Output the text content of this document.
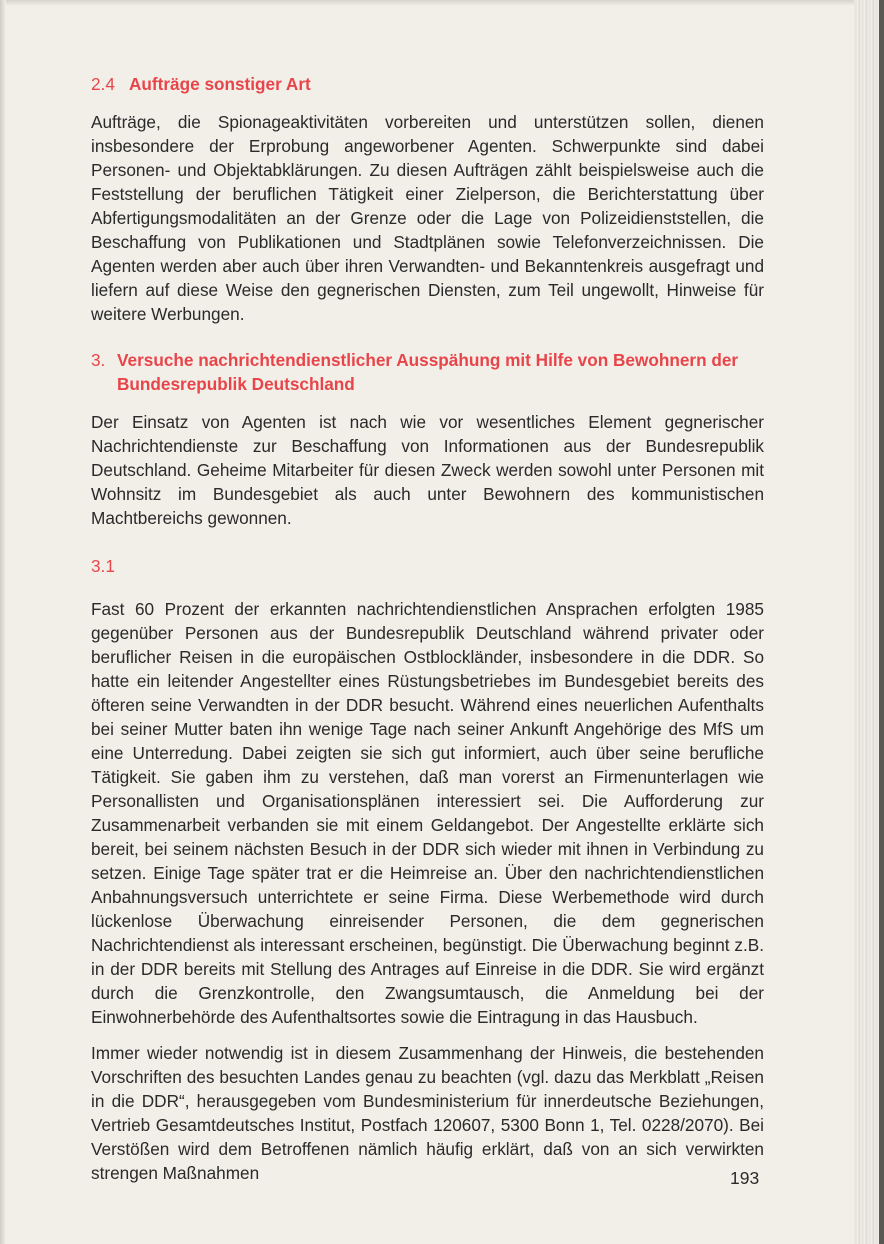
2.4 Aufträge sonstiger Art

Aufträge, die Spionageaktivitäten vorbereiten und unterstützen sollen, dienen insbesondere der Erprobung angeworbener Agenten. Schwerpunkte sind dabei Personen- und Objektabklärungen. Zu diesen Aufträgen zählt beispielsweise auch die Feststellung der beruflichen Tätigkeit einer Zielperson, die Berichterstattung über Abfertigungsmodalitäten an der Grenze oder die Lage von Polizeidienststellen, die Beschaffung von Publikationen und Stadtplänen sowie Telefonverzeichnissen. Die Agenten werden aber auch über ihren Verwandten- und Bekanntenkreis ausgefragt und liefern auf diese Weise den gegnerischen Diensten, zum Teil ungewollt, Hinweise für weitere Werbungen.

3. Versuche nachrichtendienstlicher Ausspähung mit Hilfe von Bewohnern der Bundesrepublik Deutschland

Der Einsatz von Agenten ist nach wie vor wesentliches Element gegnerischer Nachrichtendienste zur Beschaffung von Informationen aus der Bundesrepublik Deutschland. Geheime Mitarbeiter für diesen Zweck werden sowohl unter Personen mit Wohnsitz im Bundesgebiet als auch unter Bewohnern des kommunistischen Machtbereichs gewonnen.

3.1

Fast 60 Prozent der erkannten nachrichtendienstlichen Ansprachen erfolgten 1985 gegenüber Personen aus der Bundesrepublik Deutschland während privater oder beruflicher Reisen in die europäischen Ostblockländer, insbesondere in die DDR. So hatte ein leitender Angestellter eines Rüstungsbetriebes im Bundesgebiet bereits des öfteren seine Verwandten in der DDR besucht. Während eines neuerlichen Aufenthalts bei seiner Mutter baten ihn wenige Tage nach seiner Ankunft Angehörige des MfS um eine Unterredung. Dabei zeigten sie sich gut informiert, auch über seine berufliche Tätigkeit. Sie gaben ihm zu verstehen, daß man vorerst an Firmenunterlagen wie Personallisten und Organisationsplänen interessiert sei. Die Aufforderung zur Zusammenarbeit verbanden sie mit einem Geldangebot. Der Angestellte erklärte sich bereit, bei seinem nächsten Besuch in der DDR sich wieder mit ihnen in Verbindung zu setzen. Einige Tage später trat er die Heimreise an. Über den nachrichtendienstlichen Anbahnungsversuch unterrichtete er seine Firma. Diese Werbemethode wird durch lückenlose Überwachung einreisender Personen, die dem gegnerischen Nachrichtendienst als interessant erscheinen, begünstigt. Die Überwachung beginnt z.B. in der DDR bereits mit Stellung des Antrages auf Einreise in die DDR. Sie wird ergänzt durch die Grenzkontrolle, den Zwangsumtausch, die Anmeldung bei der Einwohnerbehörde des Aufenthaltsortes sowie die Eintragung in das Hausbuch.

Immer wieder notwendig ist in diesem Zusammenhang der Hinweis, die bestehenden Vorschriften des besuchten Landes genau zu beachten (vgl. dazu das Merkblatt „Reisen in die DDR“, herausgegeben vom Bundesministerium für innerdeutsche Beziehungen, Vertrieb Gesamtdeutsches Institut, Postfach 120607, 5300 Bonn 1, Tel. 0228/2070). Bei Verstößen wird dem Betroffenen nämlich häufig erklärt, daß von an sich verwirkten strengen Maßnahmen	193
